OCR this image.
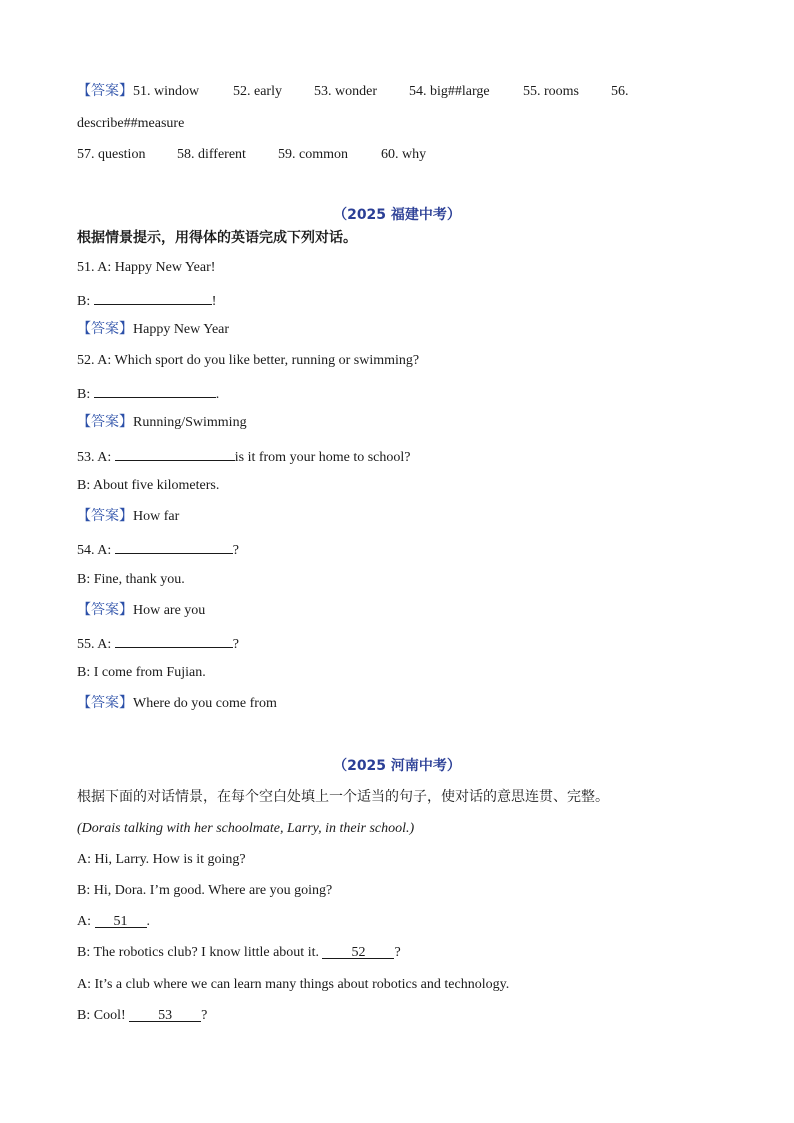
【答案】51. window 52. early 53. wonder 54. big##large 55. rooms 56.
describe##measure
57. question 58. different 59. common 60. why
（2025 福建中考）
根据情景提示，用得体的英语完成下列对话。
51. A: Happy New Year!
B:	!
【答案】Happy New Year
52. A: Which sport do you like better, running or swimming?
B:	.
【答案】Running/Swimming
53. A:	is it from your home to school?
B: About five kilometers.
【答案】How far
54. A:	?
B: Fine, thank you.
【答案】How are you
55. A:	?
B: I come from Fujian.
【答案】Where do you come from
（2025 河南中考）
根据下面的对话情景，在每个空白处填上一个适当的句子，使对话的意思连贯、完整。
(Dorais talking with her schoolmate, Larry, in their school.)
A: Hi, Larry. How is it going?
B: Hi, Dora. I’m good. Where are you going?
A: 51 .
B: The robotics club? I know little about it. 52 ?
A: It’s a club where we can learn many things about robotics and technology.
B: Cool! 53 ?
